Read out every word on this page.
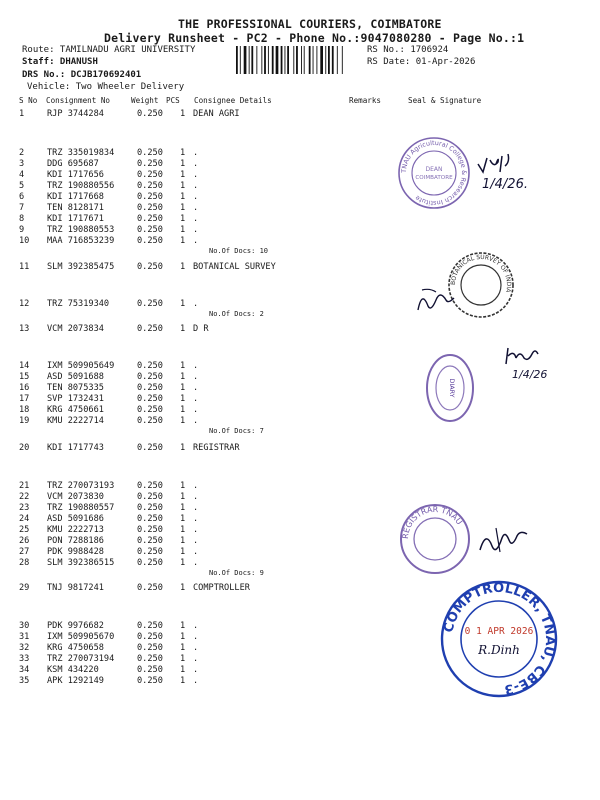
THE PROFESSIONAL COURIERS, COIMBATORE
Delivery Runsheet - PC2 - Phone No.:9047080280 - Page No.:1
Route: TAMILNADU AGRI UNIVERSITY
Staff: DHANUSH
DRS No.: DCJB170692401
Vehicle: Two Wheeler Delivery
RS No.: 1706924
RS Date: 01-Apr-2026
S No Consignment No	Weight PCS Consignee Details	Remarks	Seal & Signature
1	RJP 3744284	0.250 1 DEAN AGRI
2	TRZ 335019834	0.250 1 .
3	DDG 695687	0.250 1 .
4	KDI 1717656	0.250 1 .
5	TRZ 190880556	0.250 1 .
6	KDI 1717668	0.250 1 .
7	TEN 8128171	0.250 1 .
8	KDI 1717671	0.250 1 .
9	TRZ 190880553	0.250 1 .
10 MAA 716853239	0.250 1 .
No.Of Docs: 10
11 SLM 392385475	0.250 1 BOTANICAL SURVEY
12 TRZ 75319340	0.250 1 .
No.Of Docs: 2
13 VCM 2073834	0.250 1 D R
14 IXM 509905649	0.250 1 .
15 ASD 5091688	0.250 1 .
16 TEN 8075335	0.250 1 .
17 SVP 1732431	0.250 1 .
18 KRG 4750661	0.250 1 .
19 KMU 2222714	0.250 1 .
No.Of Docs: 7
20 KDI 1717743	0.250 1 REGISTRAR
21 TRZ 270073193	0.250 1 .
22 VCM 2073830	0.250 1 .
23 TRZ 190880557	0.250 1 .
24 ASD 5091686	0.250 1 .
25 KMU 2222713	0.250 1 .
26 PON 7288186	0.250 1 .
27 PDK 9988428	0.250 1 .
28 SLM 392386515	0.250 1 .
No.Of Docs: 9
29 TNJ 9817241	0.250 1 COMPTROLLER
30 PDK 9976682	0.250 1 .
31 IXM 509905670	0.250 1 .
32 KRG 4750658	0.250 1 .
33 TRZ 270073194	0.250 1 .
34 KSM 434220	0.250 1 .
35 APK 1292149	0.250 1 .
TNAU Agricultural College & Research Institute
DEAN
COIMBATORE 1/4/26.
BOTANICAL SURVEY OF INDIA
DIARY
1/4/26
REGISTRAR TNAU
COMPTROLLER, TNAU, CBE-3
0 1 APR 2026
R.Dinh
